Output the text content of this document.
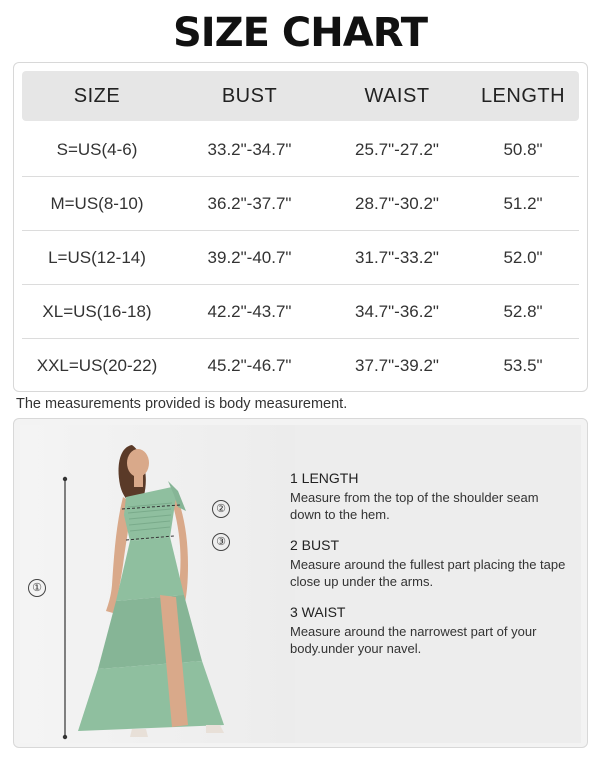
SIZE CHART
SIZE	BUST	WAIST	LENGTH
S=US(4-6)	33.2"-34.7"	25.7"-27.2"	50.8"
M=US(8-10)	36.2"-37.7"	28.7"-30.2"	51.2"
L=US(12-14)	39.2"-40.7"	31.7"-33.2"	52.0"
XL=US(16-18)	42.2"-43.7"	34.7"-36.2"	52.8"
XXL=US(20-22)	45.2"-46.7"	37.7"-39.2"	53.5"
The measurements provided is body measurement.
①
②
③
1 LENGTH
Measure from the top of the shoulder seam down to the hem.
2 BUST
Measure around the fullest part placing the tape close up under the arms.
3 WAIST
Measure around the narrowest part of your body.under your navel.
